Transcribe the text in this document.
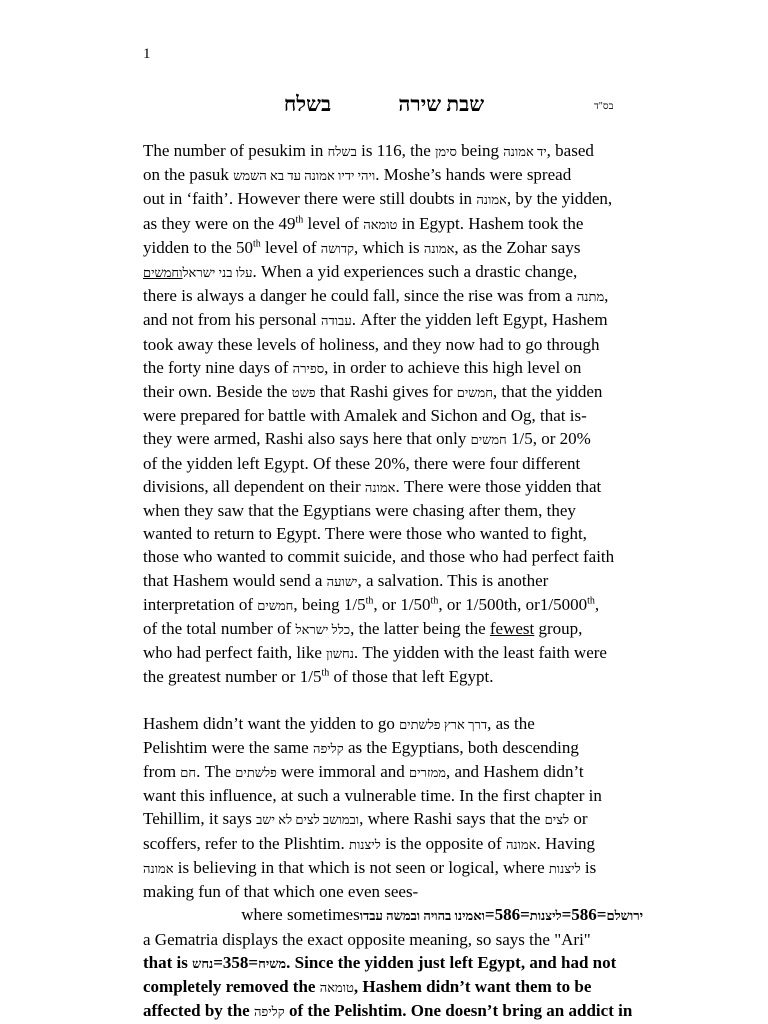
1
בס"ד
בשלח	שבת שירה
The number of pesukim in בשלח is 116, the סימן being יד אמונה, based
on the pasuk ויהי ידיו אמונה עד בא השמש. Moshe’s hands were spread
out in ‘faith’. However there were still doubts in אמונה, by the yidden,
as they were on the 49th level of טומאה in Egypt. Hashem took the
yidden to the 50th level of קדושה, which is אמונה, as the Zohar says
עלו בני ישראלוחמשים	. When a yid experiences such a drastic change,
there is always a danger he could fall, since the rise was from a מתנה,
and not from his personal עבודה. After the yidden left Egypt, Hashem
took away these levels of holiness, and they now had to go through
the forty nine days of ספירה, in order to achieve this high level on
their own. Beside the פשט that Rashi gives for חמשים, that the yidden
were prepared for battle with Amalek and Sichon and Og, that is-
they were armed, Rashi also says here that only חמשים 1/5, or 20%
of the yidden left Egypt. Of these 20%, there were four different
divisions, all dependent on their אמונה. There were those yidden that
when they saw that the Egyptians were chasing after them, they
wanted to return to Egypt. There were those who wanted to fight,
those who wanted to commit suicide, and those who had perfect faith
that Hashem would send a ישועה, a salvation. This is another
interpretation of חמשים, being 1/5th, or 1/50th, or 1/500th, or1/5000th,
of the total number of כלל ישראל, the latter being the fewest group,
who had perfect faith, like נחשון. The yidden with the least faith were
the greatest number or 1/5th of those that left Egypt.
Hashem didn’t want the yidden to go דרך ארץ פלשתים, as the
Pelishtim were the same קליפה as the Egyptians, both descending
from חם. The פלשתים were immoral and ממזרים, and Hashem didn’t
want this influence, at such a vulnerable time. In the first chapter in
Tehillim, it says ובמושב לצים לא ישב, where Rashi says that the לצים or
scoffers, refer to the Plishtim. ליצנות is the opposite of אמונה. Having
אמונה is believing in that which is not seen or logical, where ליצנות is
making fun of that which one even sees-
ירושלם=586=ליצנות=586=ואמינו בהויה ובמשה עבדו where sometimes
a Gematria displays the exact opposite meaning, so says the "Ari"
that is נחש=358=משיח. Since the yidden just left Egypt, and had not
completely removed the טומאה, Hashem didn’t want them to be
affected by the קליפה of the Pelishtim. One doesn’t bring an addict in
